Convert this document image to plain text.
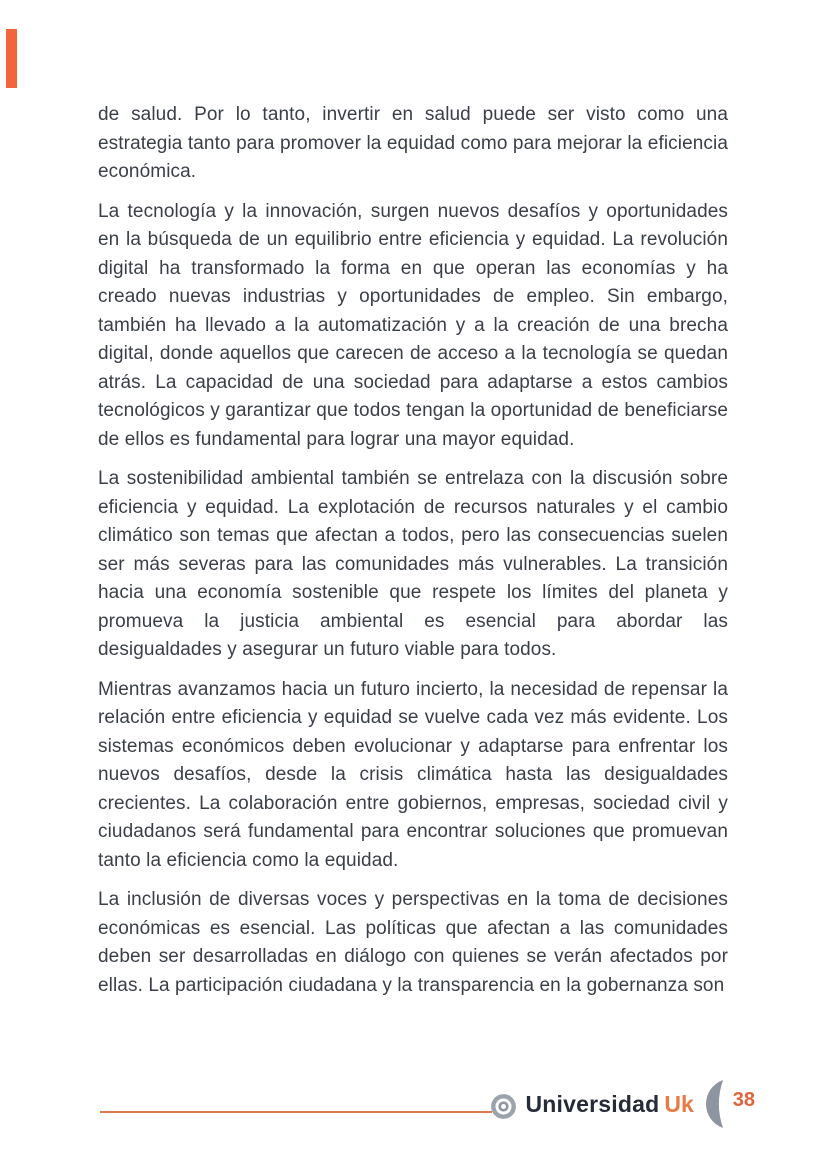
de salud. Por lo tanto, invertir en salud puede ser visto como una estrategia tanto para promover la equidad como para mejorar la eficiencia económica.

La tecnología y la innovación, surgen nuevos desafíos y oportunidades en la búsqueda de un equilibrio entre eficiencia y equidad. La revolución digital ha transformado la forma en que operan las economías y ha creado nuevas industrias y oportunidades de empleo. Sin embargo, también ha llevado a la automatización y a la creación de una brecha digital, donde aquellos que carecen de acceso a la tecnología se quedan atrás. La capacidad de una sociedad para adaptarse a estos cambios tecnológicos y garantizar que todos tengan la oportunidad de beneficiarse de ellos es fundamental para lograr una mayor equidad.

La sostenibilidad ambiental también se entrelaza con la discusión sobre eficiencia y equidad. La explotación de recursos naturales y el cambio climático son temas que afectan a todos, pero las consecuencias suelen ser más severas para las comunidades más vulnerables. La transición hacia una economía sostenible que respete los límites del planeta y promueva la justicia ambiental es esencial para abordar las desigualdades y asegurar un futuro viable para todos.

Mientras avanzamos hacia un futuro incierto, la necesidad de repensar la relación entre eficiencia y equidad se vuelve cada vez más evidente. Los sistemas económicos deben evolucionar y adaptarse para enfrentar los nuevos desafíos, desde la crisis climática hasta las desigualdades crecientes. La colaboración entre gobiernos, empresas, sociedad civil y ciudadanos será fundamental para encontrar soluciones que promuevan tanto la eficiencia como la equidad.

La inclusión de diversas voces y perspectivas en la toma de decisiones económicas es esencial. Las políticas que afectan a las comunidades deben ser desarrolladas en diálogo con quienes se verán afectados por ellas. La participación ciudadana y la transparencia en la gobernanza son

Universidad Uk 38
